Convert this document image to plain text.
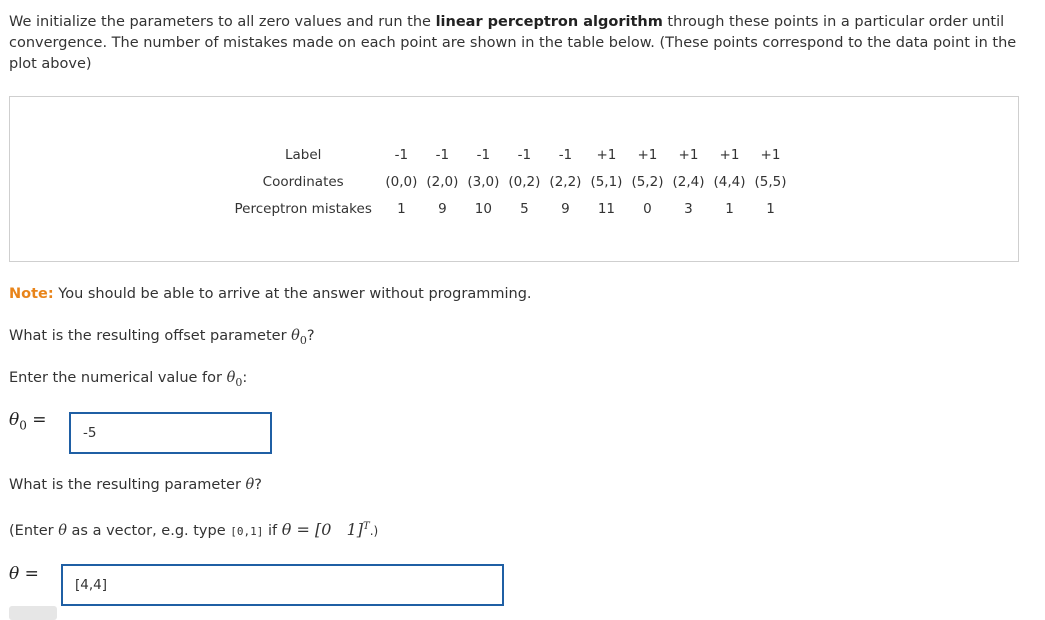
We initialize the parameters to all zero values and run the linear perceptron algorithm through these points in a particular order until convergence. The number of mistakes made on each point are shown in the table below. (These points correspond to the data point in the plot above)
Label	-1	-1	-1	-1	-1	+1	+1	+1	+1	+1
Coordinates	(0,0)	(2,0)	(3,0)	(0,2)	(2,2)	(5,1)	(5,2)	(2,4)	(4,4)	(5,5)
Perceptron mistakes	1	9	10	5	9	11	0	3	1	1
Note: You should be able to arrive at the answer without programming.
What is the resulting offset parameter $\theta_0$?
Enter the numerical value for $\theta_0$:
$\theta_0$ =
-5
What is the resulting parameter θ?
(Enter θ as a vector, e.g. type [0,1] if θ = [0   1]$^T$.)
θ =
[4,4]
